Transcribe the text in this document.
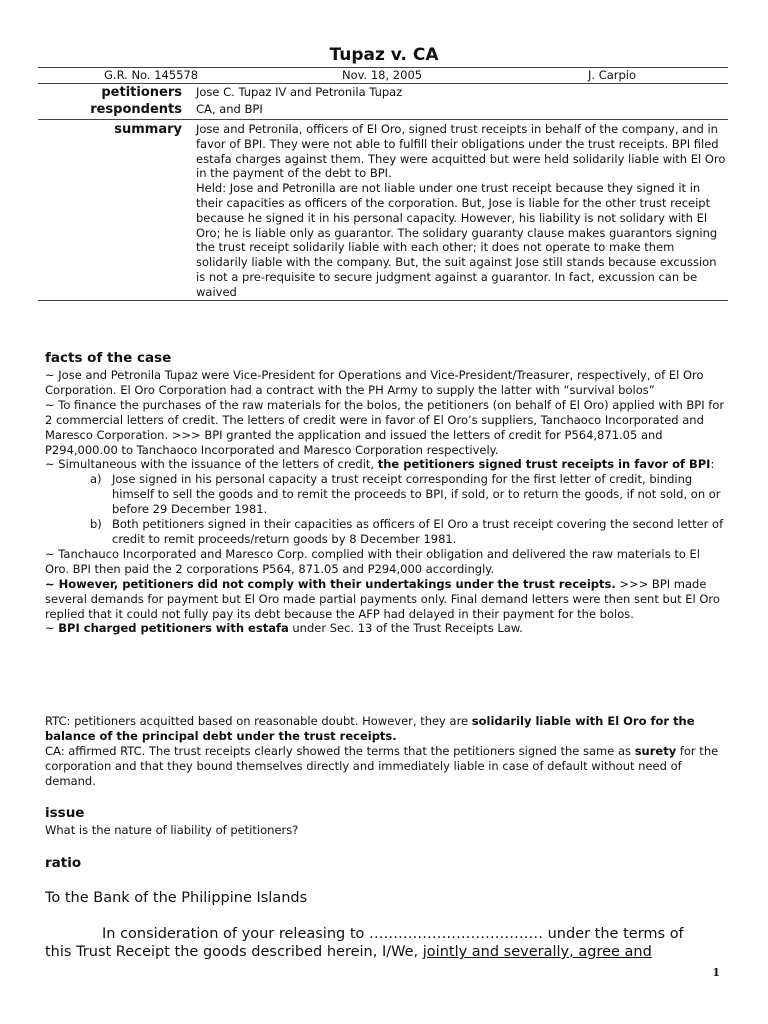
Tupaz v. CA
G.R. No. 145578	Nov. 18, 2005	J. Carpio
petitioners Jose C. Tupaz IV and Petronila Tupaz
respondents CA, and BPI
summary Jose and Petronila, officers of El Oro, signed trust receipts in behalf of the company, and in favor of BPI. They were not able to fulfill their obligations under the trust receipts. BPI filed estafa charges against them. They were acquitted but were held solidarily liable with El Oro in the payment of the debt to BPI.

Held: Jose and Petronilla are not liable under one trust receipt because they signed it in their capacities as officers of the corporation. But, Jose is liable for the other trust receipt because he signed it in his personal capacity. However, his liability is not solidary with El Oro; he is liable only as guarantor. The solidary guaranty clause makes guarantors signing the trust receipt solidarily liable with each other; it does not operate to make them solidarily liable with the company. But, the suit against Jose still stands because excussion is not a pre-requisite to secure judgment against a guarantor. In fact, excussion can be waived

facts of the case

~ Jose and Petronila Tupaz were Vice-President for Operations and Vice-President/Treasurer, respectively, of El Oro Corporation. El Oro Corporation had a contract with the PH Army to supply the latter with “survival bolos”

~ To finance the purchases of the raw materials for the bolos, the petitioners (on behalf of El Oro) applied with BPI for 2 commercial letters of credit. The letters of credit were in favor of El Oro’s suppliers, Tanchaoco Incorporated and Maresco Corporation. >>> BPI granted the application and issued the letters of credit for P564,871.05 and P294,000.00 to Tanchaoco Incorporated and Maresco Corporation respectively.

~ Simultaneous with the issuance of the letters of credit, the petitioners signed trust receipts in favor of BPI:

a) Jose signed in his personal capacity a trust receipt corresponding for the first letter of credit, binding himself to sell the goods and to remit the proceeds to BPI, if sold, or to return the goods, if not sold, on or before 29 December 1981.
b) Both petitioners signed in their capacities as officers of El Oro a trust receipt covering the second letter of credit to remit proceeds/return goods by 8 December 1981.

~ Tanchauco Incorporated and Maresco Corp. complied with their obligation and delivered the raw materials to El Oro. BPI then paid the 2 corporations P564, 871.05 and P294,000 accordingly.

~ However, petitioners did not comply with their undertakings under the trust receipts. >>> BPI made several demands for payment but El Oro made partial payments only. Final demand letters were then sent but El Oro replied that it could not fully pay its debt because the AFP had delayed in their payment for the bolos.

~ BPI charged petitioners with estafa under Sec. 13 of the Trust Receipts Law.

RTC: petitioners acquitted based on reasonable doubt. However, they are solidarily liable with El Oro for the balance of the principal debt under the trust receipts.

CA: affirmed RTC. The trust receipts clearly showed the terms that the petitioners signed the same as surety for the corporation and that they bound themselves directly and immediately liable in case of default without need of demand.

issue
What is the nature of liability of petitioners?
ratio
To the Bank of the Philippine Islands
In consideration of your releasing to ……………………………… under the terms of
this Trust Receipt the goods described herein, I/We, jointly and severally, agree and
1
